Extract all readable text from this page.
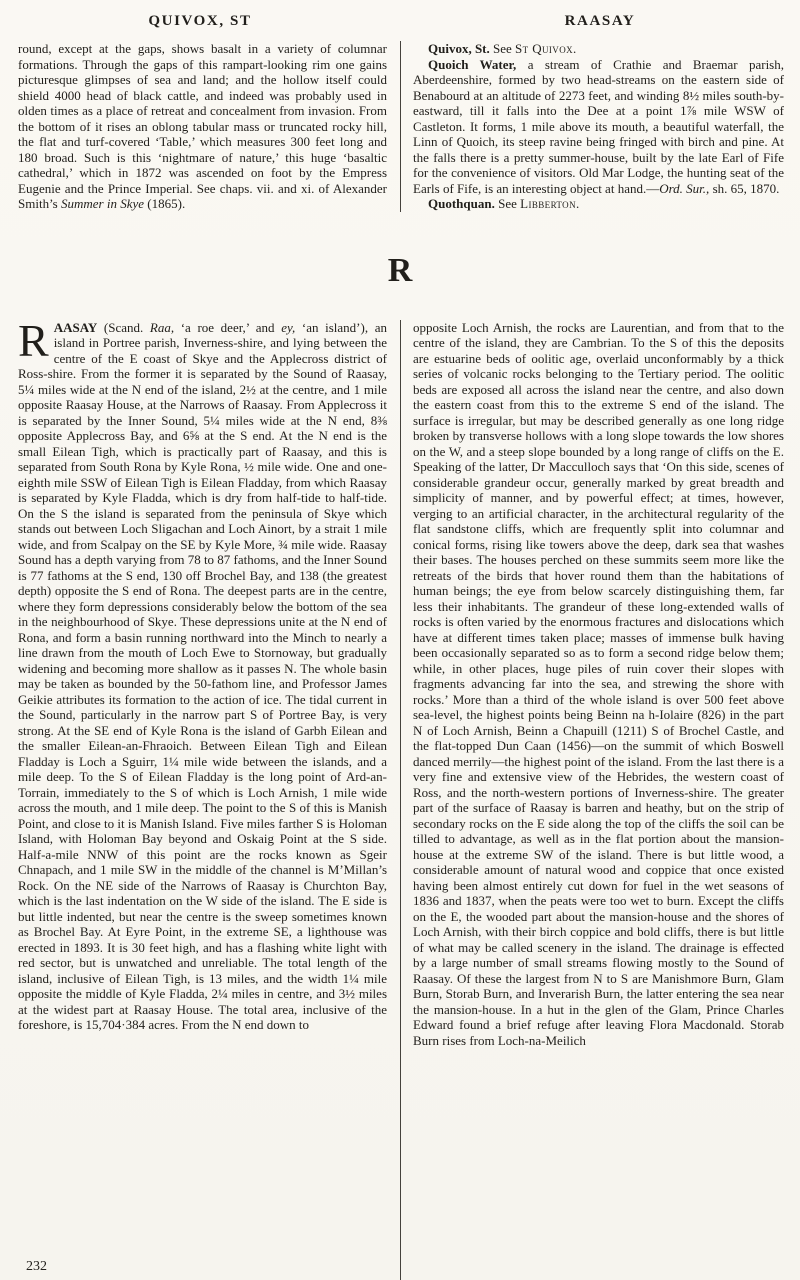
QUIVOX, ST	RAASAY

round, except at the gaps, shows basalt in a variety of columnar formations. Through the gaps of this rampart-looking rim one gains picturesque glimpses of sea and land; and the hollow itself could shield 4000 head of black cattle, and indeed was probably used in olden times as a place of retreat and concealment from invasion. From the bottom of it rises an oblong tabular mass or truncated rocky hill, the flat and turf-covered ‘Table,’ which measures 300 feet long and 180 broad. Such is this ‘nightmare of nature,’ this huge ‘basaltic cathedral,’ which in 1872 was ascended on foot by the Empress Eugenie and the Prince Imperial. See chaps. vii. and xi. of Alexander Smith’s Summer in Skye (1865).

Quivox, St. See St Quivox.

Quoich Water, a stream of Crathie and Braemar parish, Aberdeenshire, formed by two head-streams on the eastern side of Benabourd at an altitude of 2273 feet, and winding 8½ miles south-by-eastward, till it falls into the Dee at a point 1⅞ mile WSW of Castleton. It forms, 1 mile above its mouth, a beautiful waterfall, the Linn of Quoich, its steep ravine being fringed with birch and pine. At the falls there is a pretty summer-house, built by the late Earl of Fife for the convenience of visitors. Old Mar Lodge, the hunting seat of the Earls of Fife, is an interesting object at hand.—Ord. Sur., sh. 65, 1870.

Quothquan. See Libberton.

R

RAASAY (Scand. Raa, ‘a roe deer,’ and ey, ‘an island’), an island in Portree parish, Inverness-shire, and lying between the centre of the E coast of Skye and the Applecross district of Ross-shire. From the former it is separated by the Sound of Raasay, 5¼ miles wide at the N end of the island, 2½ at the centre, and 1 mile opposite Raasay House, at the Narrows of Raasay. From Applecross it is separated by the Inner Sound, 5¼ miles wide at the N end, 8⅜ opposite Applecross Bay, and 6⅝ at the S end. At the N end is the small Eilean Tigh, which is practically part of Raasay, and this is separated from South Rona by Kyle Rona, ½ mile wide. One and one-eighth mile SSW of Eilean Tigh is Eilean Fladday, from which Raasay is separated by Kyle Fladda, which is dry from half-tide to half-tide. On the S the island is separated from the peninsula of Skye which stands out between Loch Sligachan and Loch Ainort, by a strait 1 mile wide, and from Scalpay on the SE by Kyle More, ¾ mile wide. Raasay Sound has a depth varying from 78 to 87 fathoms, and the Inner Sound is 77 fathoms at the S end, 130 off Brochel Bay, and 138 (the greatest depth) opposite the S end of Rona. The deepest parts are in the centre, where they form depressions considerably below the bottom of the sea in the neighbourhood of Skye. These depressions unite at the N end of Rona, and form a basin running northward into the Minch to nearly a line drawn from the mouth of Loch Ewe to Stornoway, but gradually widening and becoming more shallow as it passes N. The whole basin may be taken as bounded by the 50-fathom line, and Professor James Geikie attributes its formation to the action of ice. The tidal current in the Sound, particularly in the narrow part S of Portree Bay, is very strong. At the SE end of Kyle Rona is the island of Garbh Eilean and the smaller Eilean-an-Fhraoich. Between Eilean Tigh and Eilean Fladday is Loch a Sguirr, 1¼ mile wide between the islands, and a mile deep. To the S of Eilean Fladday is the long point of Ard-an-Torrain, immediately to the S of which is Loch Arnish, 1 mile wide across the mouth, and 1 mile deep. The point to the S of this is Manish Point, and close to it is Manish Island. Five miles farther S is Holoman Island, with Holoman Bay beyond and Oskaig Point at the S side. Half-a-mile NNW of this point are the rocks known as Sgeir Chnapach, and 1 mile SW in the middle of the channel is M’Millan’s Rock. On the NE side of the Narrows of Raasay is Churchton Bay, which is the last indentation on the W side of the island. The E side is but little indented, but near the centre is the sweep sometimes known as Brochel Bay. At Eyre Point, in the extreme SE, a lighthouse was erected in 1893. It is 30 feet high, and has a flashing white light with red sector, but is unwatched and unreliable. The total length of the island, inclusive of Eilean Tigh, is 13 miles, and the width 1¼ mile opposite the middle of Kyle Fladda, 2¼ miles in centre, and 3½ miles at the widest part at Raasay House. The total area, inclusive of the foreshore, is 15,704·384 acres. From the N end down to

opposite Loch Arnish, the rocks are Laurentian, and from that to the centre of the island, they are Cambrian. To the S of this the deposits are estuarine beds of oolitic age, overlaid unconformably by a thick series of volcanic rocks belonging to the Tertiary period. The oolitic beds are exposed all across the island near the centre, and also down the eastern coast from this to the extreme S end of the island. The surface is irregular, but may be described generally as one long ridge broken by transverse hollows with a long slope towards the low shores on the W, and a steep slope bounded by a long range of cliffs on the E. Speaking of the latter, Dr Macculloch says that ‘On this side, scenes of considerable grandeur occur, generally marked by great breadth and simplicity of manner, and by powerful effect; at times, however, verging to an artificial character, in the architectural regularity of the flat sandstone cliffs, which are frequently split into columnar and conical forms, rising like towers above the deep, dark sea that washes their bases. The houses perched on these summits seem more like the retreats of the birds that hover round them than the habitations of human beings; the eye from below scarcely distinguishing them, far less their inhabitants. The grandeur of these long-extended walls of rocks is often varied by the enormous fractures and dislocations which have at different times taken place; masses of immense bulk having been occasionally separated so as to form a second ridge below them; while, in other places, huge piles of ruin cover their slopes with fragments advancing far into the sea, and strewing the shore with rocks.’ More than a third of the whole island is over 500 feet above sea-level, the highest points being Beinn na h-Iolaire (826) in the part N of Loch Arnish, Beinn a Chapuill (1211) S of Brochel Castle, and the flat-topped Dun Caan (1456)—on the summit of which Boswell danced merrily—the highest point of the island. From the last there is a very fine and extensive view of the Hebrides, the western coast of Ross, and the north-western portions of Inverness-shire. The greater part of the surface of Raasay is barren and heathy, but on the strip of secondary rocks on the E side along the top of the cliffs the soil can be tilled to advantage, as well as in the flat portion about the mansion-house at the extreme SW of the island. There is but little wood, a considerable amount of natural wood and coppice that once existed having been almost entirely cut down for fuel in the wet seasons of 1836 and 1837, when the peats were too wet to burn. Except the cliffs on the E, the wooded part about the mansion-house and the shores of Loch Arnish, with their birch coppice and bold cliffs, there is but little of what may be called scenery in the island. The drainage is effected by a large number of small streams flowing mostly to the Sound of Raasay. Of these the largest from N to S are Manishmore Burn, Glam Burn, Storab Burn, and Inverarish Burn, the latter entering the sea near the mansion-house. In a hut in the glen of the Glam, Prince Charles Edward found a brief refuge after leaving Flora Macdonald. Storab Burn rises from Loch-na-Meilich

232
